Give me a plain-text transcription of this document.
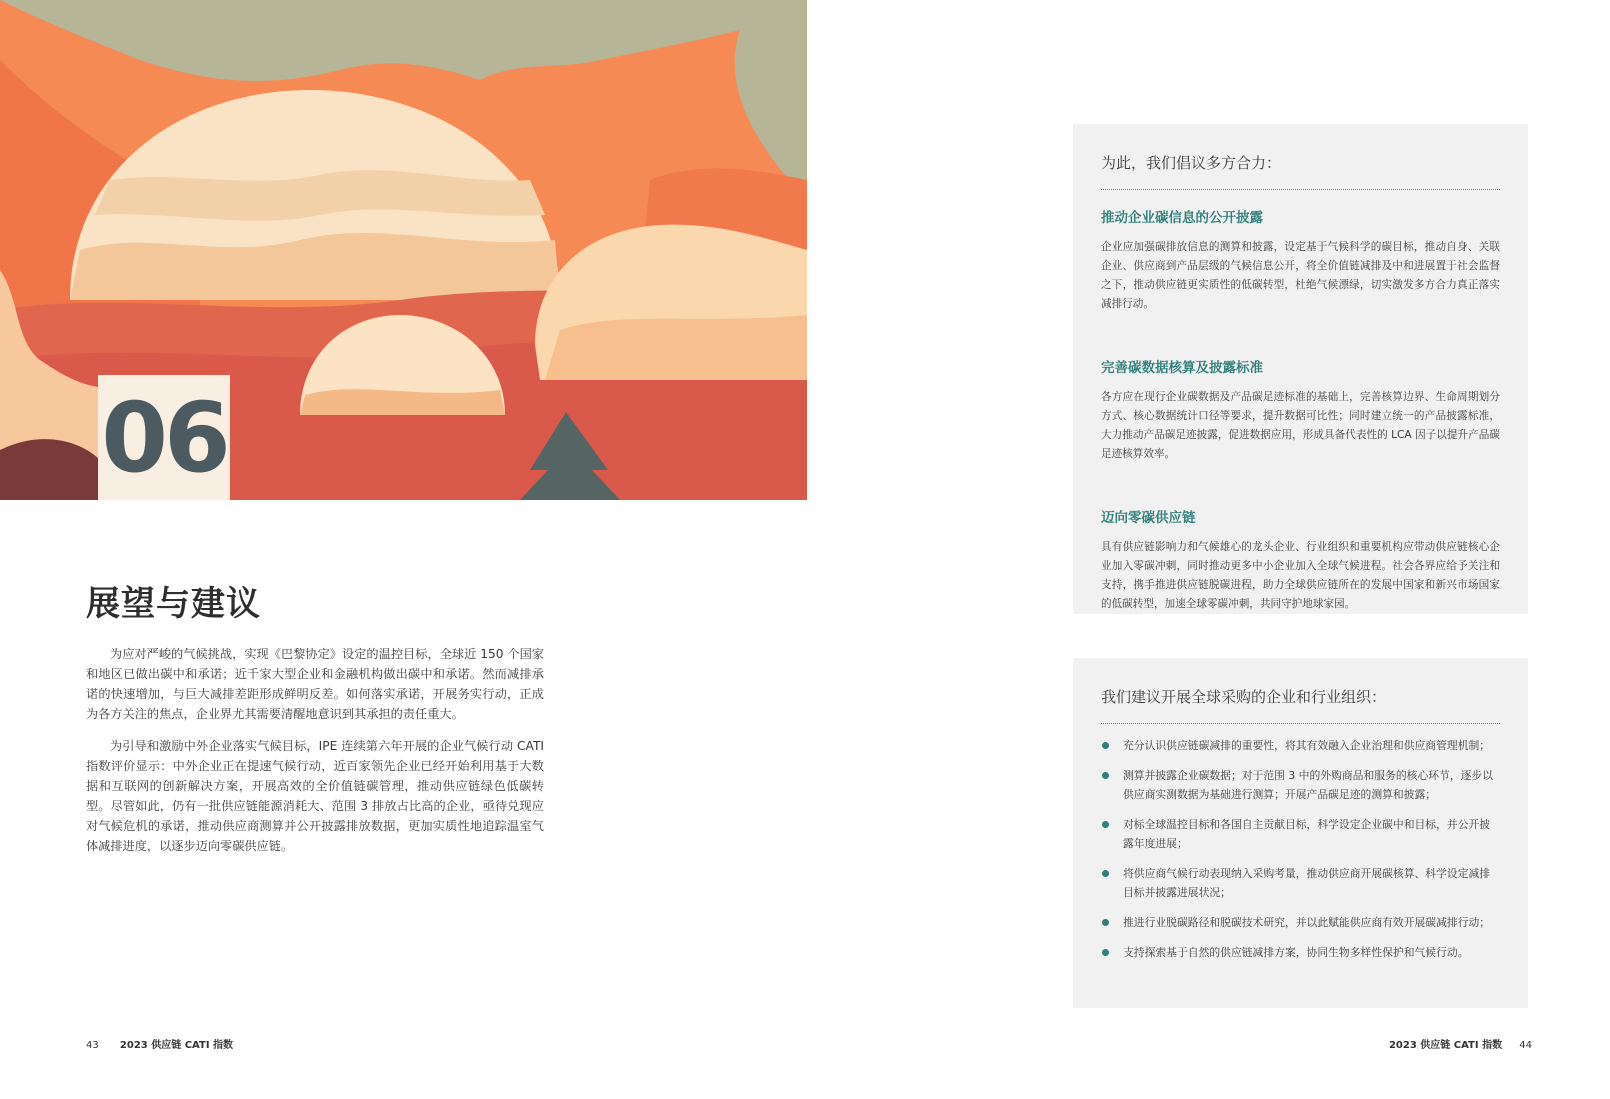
06
展望与建议

为应对严峻的气候挑战，实现《巴黎协定》设定的温控目标，全球近 150 个国家和地区已做出碳中和承诺；近千家大型企业和金融机构做出碳中和承诺。然而减排承诺的快速增加，与巨大减排差距形成鲜明反差。如何落实承诺，开展务实行动，正成为各方关注的焦点，企业界尤其需要清醒地意识到其承担的责任重大。

为引导和激励中外企业落实气候目标，IPE 连续第六年开展的企业气候行动 CATI 指数评价显示：中外企业正在提速气候行动，近百家领先企业已经开始利用基于大数据和互联网的创新解决方案，开展高效的全价值链碳管理，推动供应链绿色低碳转型。尽管如此，仍有一批供应链能源消耗大、范围 3 排放占比高的企业，亟待兑现应对气候危机的承诺，推动供应商测算并公开披露排放数据，更加实质性地追踪温室气体减排进度，以逐步迈向零碳供应链。

43 2023 供应链 CATI 指数
为此，我们倡议多方合力：
推动企业碳信息的公开披露
企业应加强碳排放信息的测算和披露，设定基于气候科学的碳目标，推动自身、关联企业、供应商到产品层级的气候信息公开，将全价值链减排及中和进展置于社会监督之下，推动供应链更实质性的低碳转型，杜绝气候漂绿，切实激发多方合力真正落实减排行动。
完善碳数据核算及披露标准
各方应在现行企业碳数据及产品碳足迹标准的基础上，完善核算边界、生命周期划分方式、核心数据统计口径等要求，提升数据可比性；同时建立统一的产品披露标准，大力推动产品碳足迹披露，促进数据应用，形成具备代表性的 LCA 因子以提升产品碳足迹核算效率。
迈向零碳供应链
具有供应链影响力和气候雄心的龙头企业、行业组织和重要机构应带动供应链核心企业加入零碳冲刺，同时推动更多中小企业加入全球气候进程。社会各界应给予关注和支持，携手推进供应链脱碳进程，助力全球供应链所在的发展中国家和新兴市场国家的低碳转型，加速全球零碳冲刺，共同守护地球家园。
我们建议开展全球采购的企业和行业组织：
充分认识供应链碳减排的重要性，将其有效融入企业治理和供应商管理机制；
测算并披露企业碳数据；对于范围 3 中的外购商品和服务的核心环节，逐步以供应商实测数据为基础进行测算；开展产品碳足迹的测算和披露；
对标全球温控目标和各国自主贡献目标，科学设定企业碳中和目标，并公开披露年度进展；
将供应商气候行动表现纳入采购考量，推动供应商开展碳核算、科学设定减排目标并披露进展状况；
推进行业脱碳路径和脱碳技术研究，并以此赋能供应商有效开展碳减排行动；
支持探索基于自然的供应链减排方案，协同生物多样性保护和气候行动。
2023 供应链 CATI 指数 44
